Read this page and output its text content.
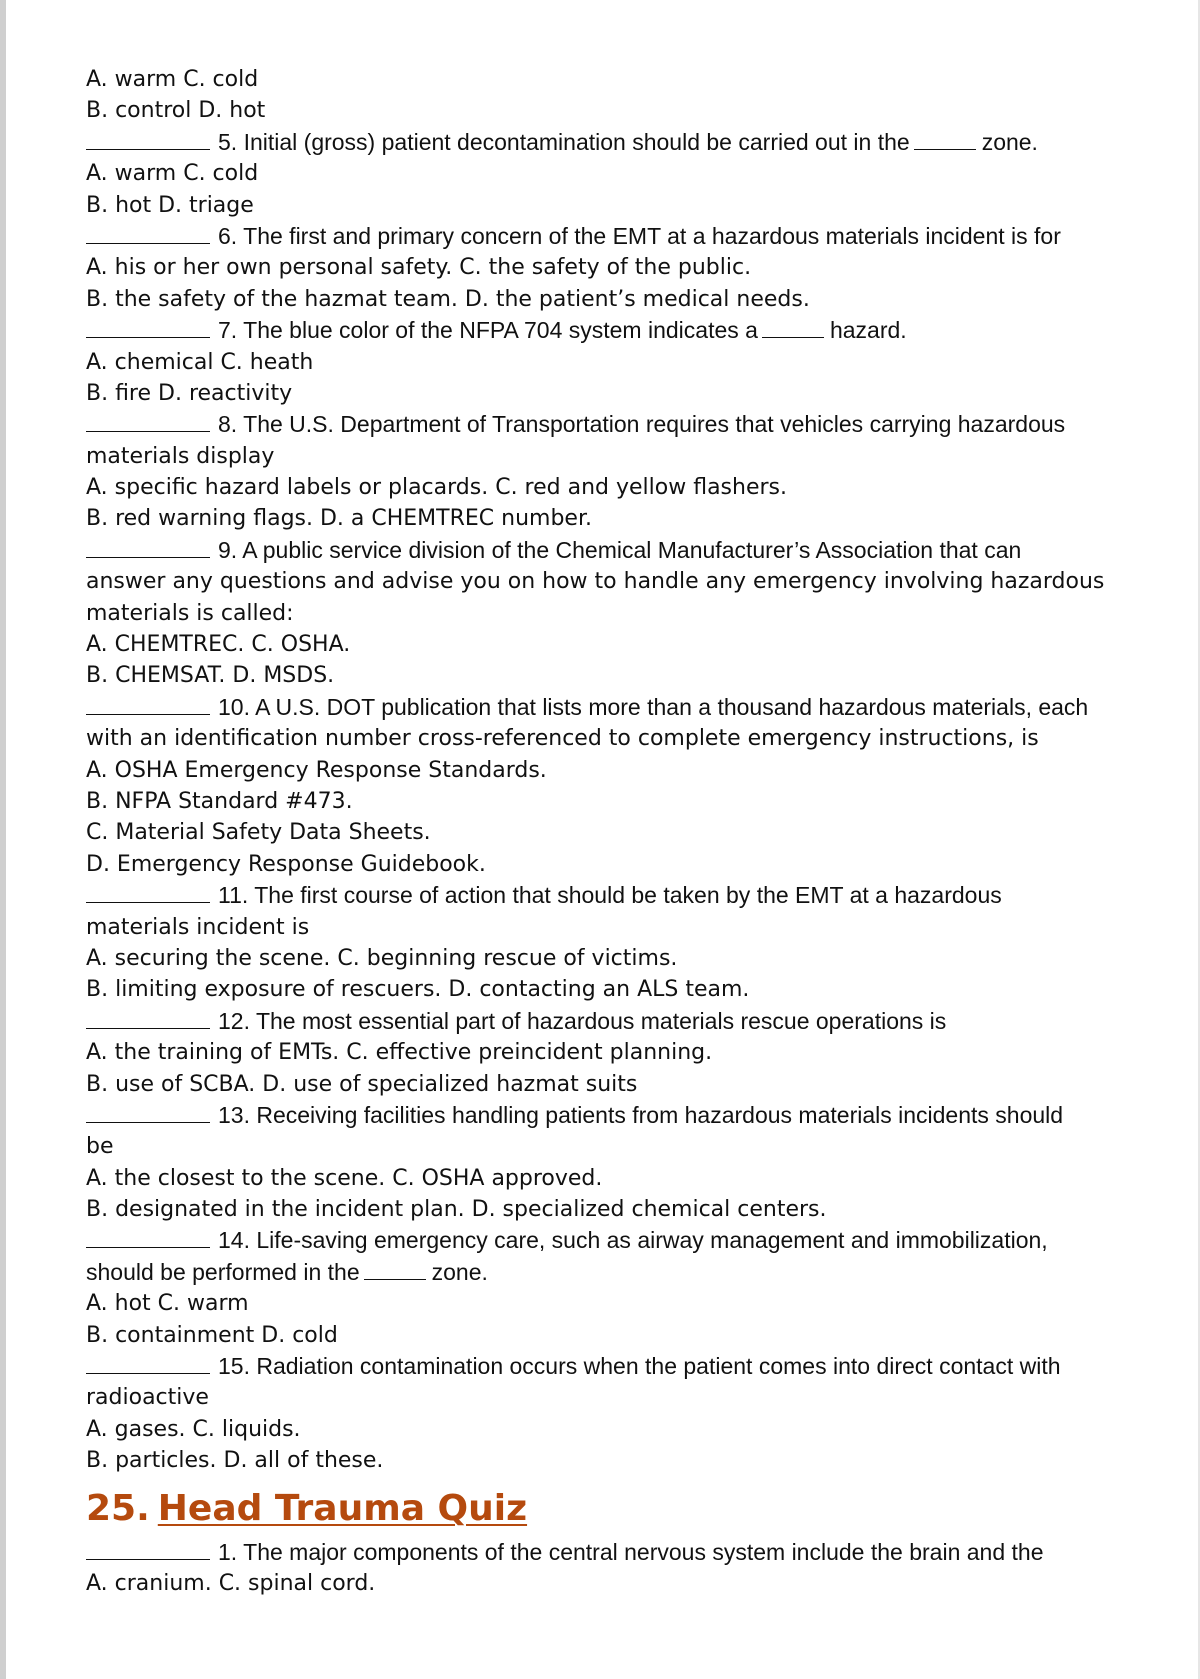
A. warm C. cold
B. control D. hot
5. Initial (gross) patient decontamination should be carried out in the	zone.
A. warm C. cold
B. hot D. triage
6. The first and primary concern of the EMT at a hazardous materials incident is for
A. his or her own personal safety. C. the safety of the public.
B. the safety of the hazmat team. D. the patient’s medical needs.
7. The blue color of the NFPA 704 system indicates a	hazard.
A. chemical C. heath
B. fire D. reactivity
8. The U.S. Department of Transportation requires that vehicles carrying hazardous
materials display
A. specific hazard labels or placards. C. red and yellow flashers.
B. red warning flags. D. a CHEMTREC number.
9. A public service division of the Chemical Manufacturer’s Association that can
answer any questions and advise you on how to handle any emergency involving hazardous
materials is called:
A. CHEMTREC. C. OSHA.
B. CHEMSAT. D. MSDS.
10. A U.S. DOT publication that lists more than a thousand hazardous materials, each
with an identification number cross-referenced to complete emergency instructions, is
A. OSHA Emergency Response Standards.
B. NFPA Standard #473.
C. Material Safety Data Sheets.
D. Emergency Response Guidebook.
11. The first course of action that should be taken by the EMT at a hazardous
materials incident is
A. securing the scene. C. beginning rescue of victims.
B. limiting exposure of rescuers. D. contacting an ALS team.
12. The most essential part of hazardous materials rescue operations is
A. the training of EMTs. C. effective preincident planning.
B. use of SCBA. D. use of specialized hazmat suits
13. Receiving facilities handling patients from hazardous materials incidents should
be
A. the closest to the scene. C. OSHA approved.
B. designated in the incident plan. D. specialized chemical centers.
14. Life-saving emergency care, such as airway management and immobilization,
should be performed in the	zone.
A. hot C. warm
B. containment D. cold
15. Radiation contamination occurs when the patient comes into direct contact with
radioactive
A. gases. C. liquids.
B. particles. D. all of these.
25. Head Trauma Quiz
1. The major components of the central nervous system include the brain and the
A. cranium. C. spinal cord.
